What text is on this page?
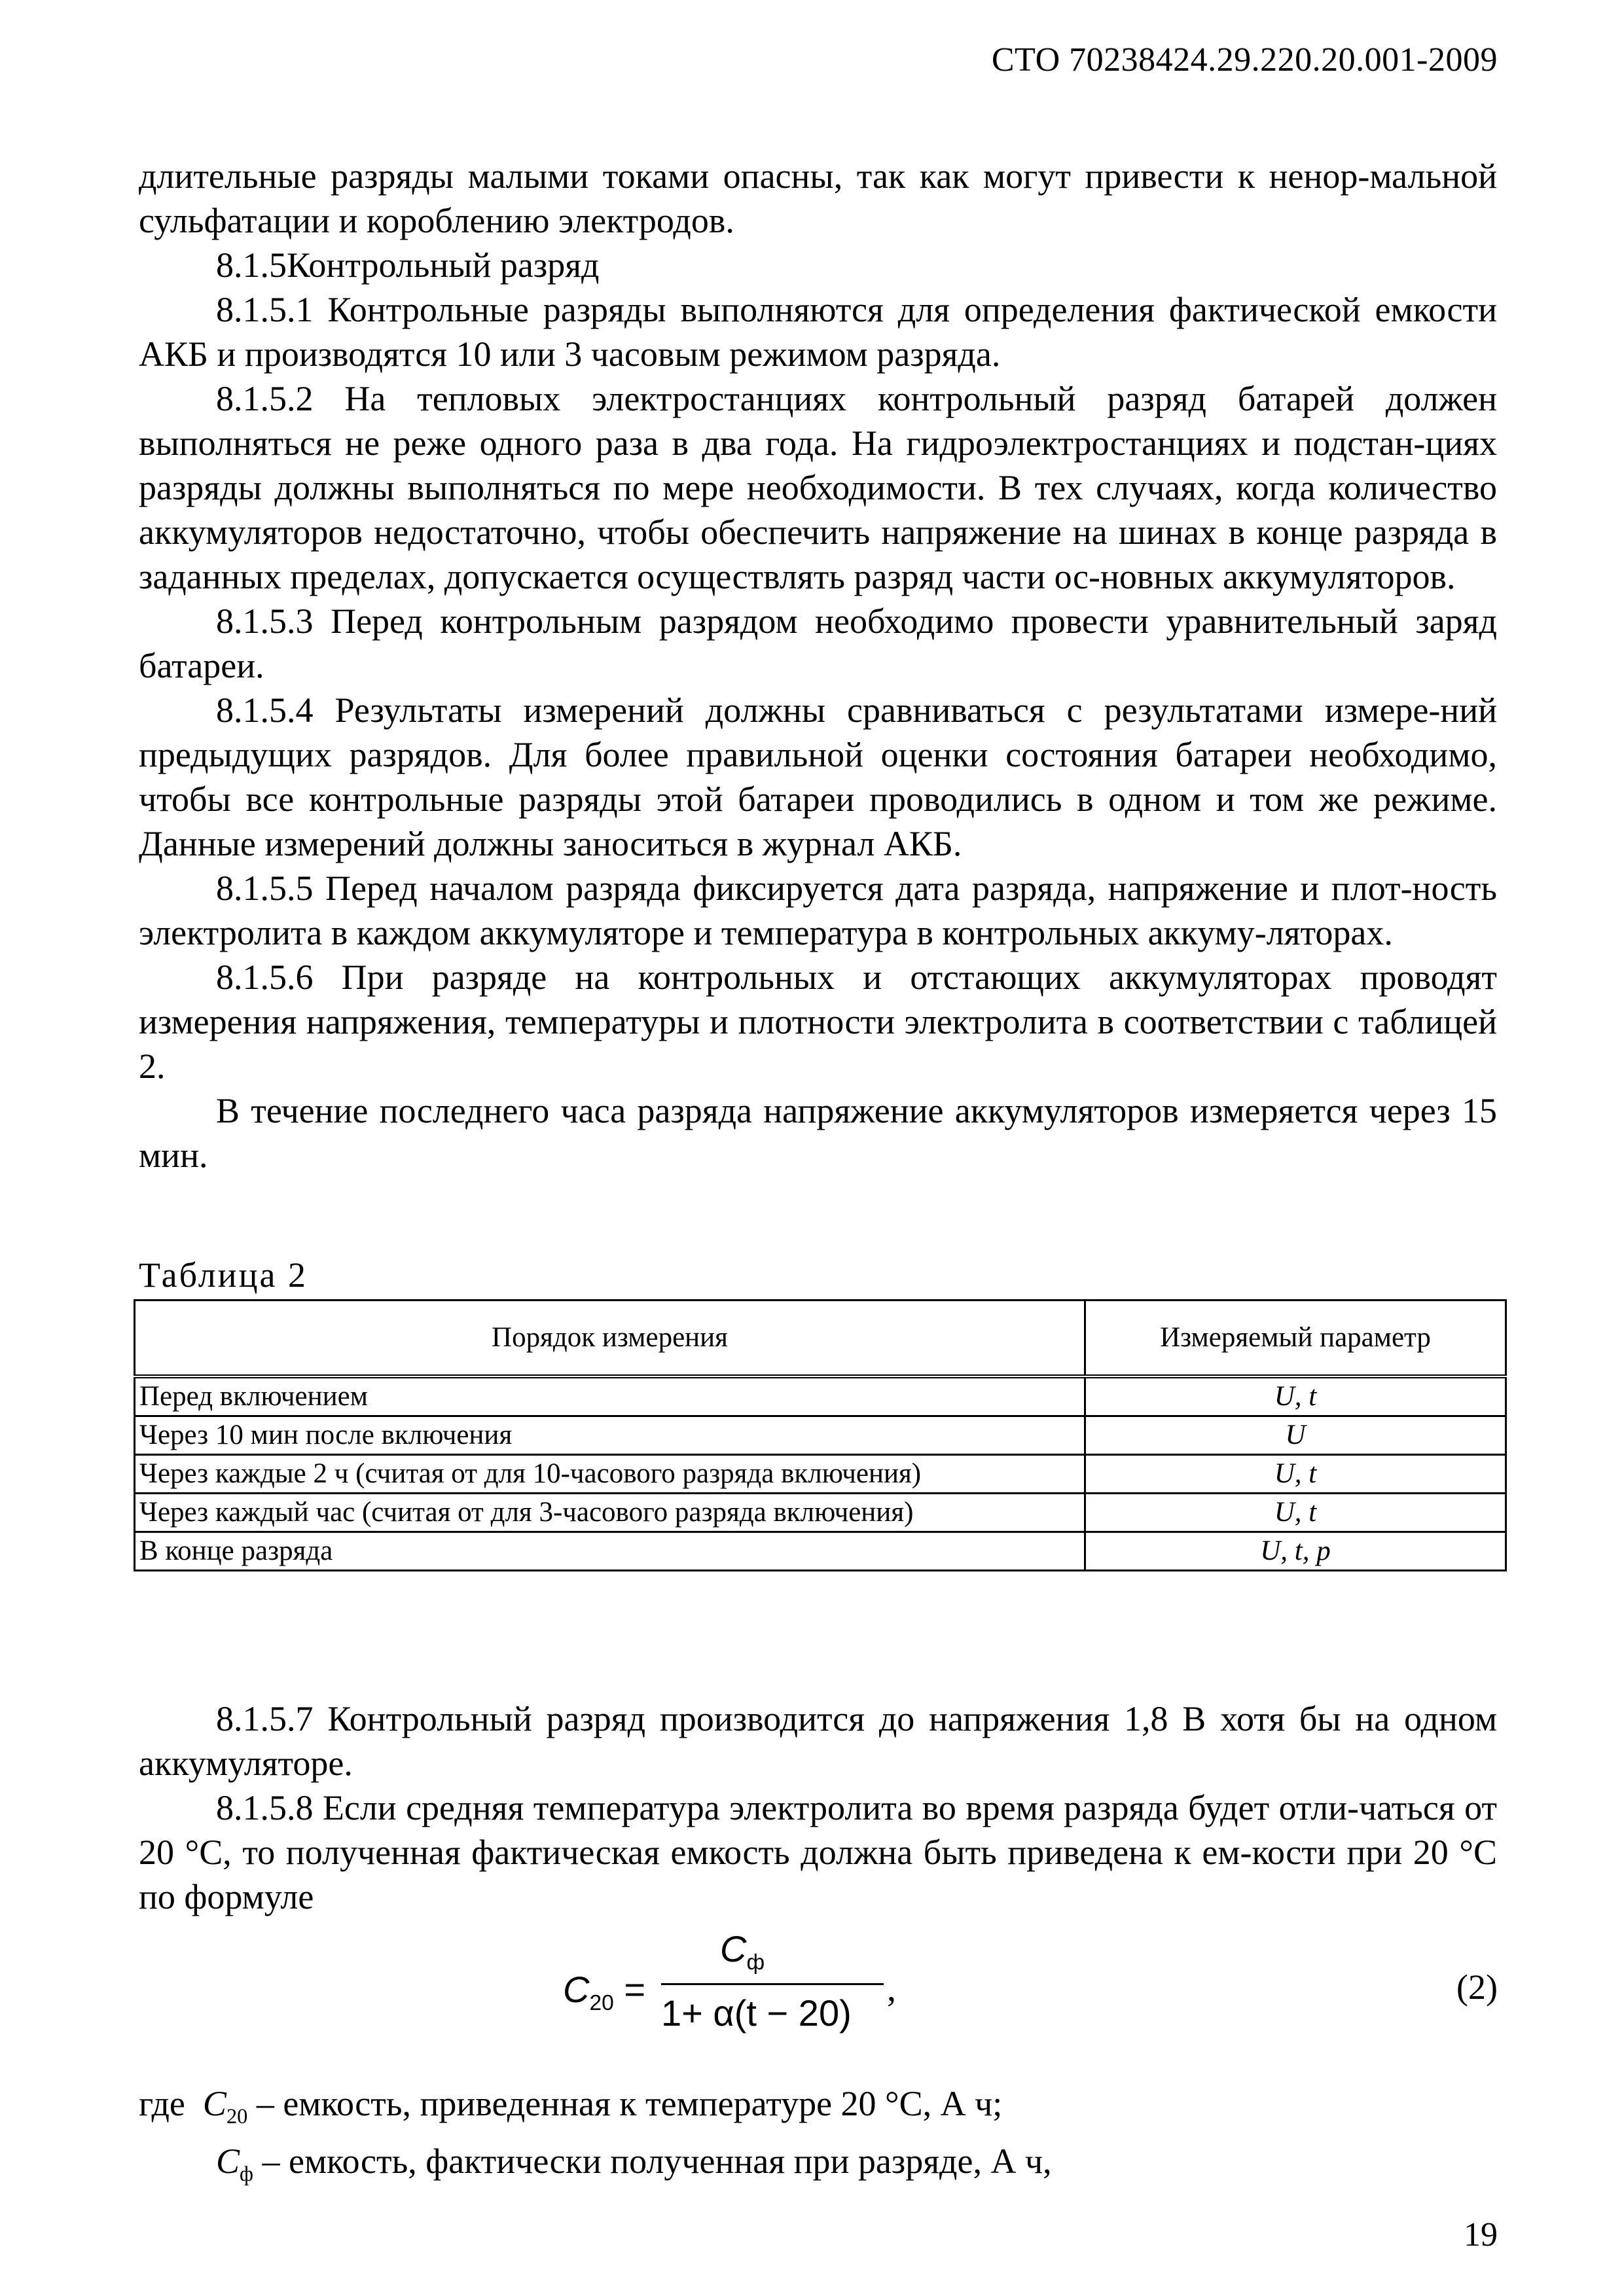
СТО 70238424.29.220.20.001-2009

длительные разряды малыми токами опасны, так как могут привести к ненор-мальной сульфатации и короблению электродов.

8.1.5Контрольный разряд

8.1.5.1 Контрольные разряды выполняются для определения фактической емкости АКБ и производятся 10 или 3 часовым режимом разряда.

8.1.5.2 На тепловых электростанциях контрольный разряд батарей должен выполняться не реже одного раза в два года. На гидроэлектростанциях и подстан-циях разряды должны выполняться по мере необходимости. В тех случаях, когда количество аккумуляторов недостаточно, чтобы обеспечить напряжение на шинах в конце разряда в заданных пределах, допускается осуществлять разряд части ос-новных аккумуляторов.

8.1.5.3 Перед контрольным разрядом необходимо провести уравнительный заряд батареи.

8.1.5.4 Результаты измерений должны сравниваться с результатами измере-ний предыдущих разрядов. Для более правильной оценки состояния батареи необходимо, чтобы все контрольные разряды этой батареи проводились в одном и том же режиме. Данные измерений должны заноситься в журнал АКБ.

8.1.5.5 Перед началом разряда фиксируется дата разряда, напряжение и плот-ность электролита в каждом аккумуляторе и температура в контрольных аккуму-ляторах.

8.1.5.6 При разряде на контрольных и отстающих аккумуляторах проводят измерения напряжения, температуры и плотности электролита в соответствии с таблицей 2.

В течение последнего часа разряда напряжение аккумуляторов измеряется через 15 мин.

Таблица 2
Порядок измерения	Измеряемый параметр
Перед включением	U, t
Через 10 мин после включения	U
Через каждые 2 ч (считая от для 10-часового разряда включения)	U, t
Через каждый час (считая от для 3-часового разряда включения)	U, t
В конце разряда	U, t, p

8.1.5.7 Контрольный разряд производится до напряжения 1,8 В хотя бы на одном аккумуляторе.

8.1.5.8 Если средняя температура электролита во время разряда будет отли-чаться от 20 °С, то полученная фактическая емкость должна быть приведена к ем-кости при 20 °С по формуле

$C_{20}$ =
$C_ф$
1+ α(t − 20)
,	(2)
где $C_{20}$ – емкость, приведенная к температуре 20 °С, А ч;
$C_ф$ – емкость, фактически полученная при разряде, А ч,
19
